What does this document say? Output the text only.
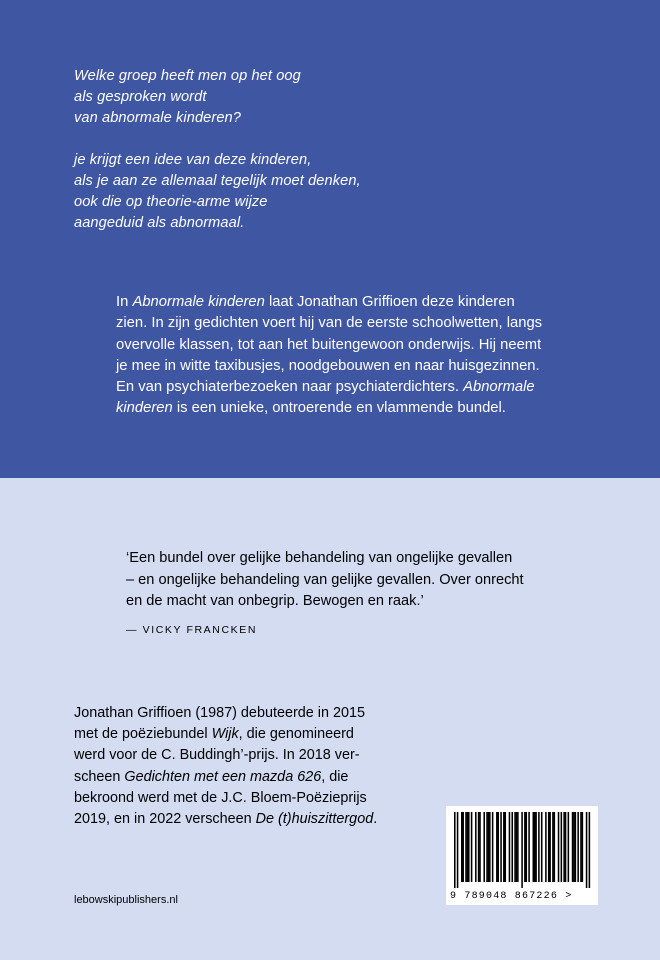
Welke groep heeft men op het oog
als gesproken wordt
van abnormale kinderen?
je krijgt een idee van deze kinderen,
als je aan ze allemaal tegelijk moet denken,
ook die op theorie-arme wijze
aangeduid als abnormaal.
In Abnormale kinderen laat Jonathan Griffioen deze kinderen
zien. In zijn gedichten voert hij van de eerste schoolwetten, langs
overvolle klassen, tot aan het buitengewoon onderwijs. Hij neemt
je mee in witte taxibusjes, noodgebouwen en naar huisgezinnen.
En van psychiaterbezoeken naar psychiaterdichters. Abnormale
kinderen is een unieke, ontroerende en vlammende bundel.
‘Een bundel over gelijke behandeling van ongelijke gevallen
– en ongelijke behandeling van gelijke gevallen. Over onrecht
en de macht van onbegrip. Bewogen en raak.’
— VICKY FRANCKEN
Jonathan Griffioen (1987) debuteerde in 2015
met de poëziebundel Wijk, die genomineerd
werd voor de C. Buddingh’-prijs. In 2018 ver-
scheen Gedichten met een mazda 626, die
bekroond werd met de J.C. Bloem-Poëzieprijs
2019, en in 2022 verscheen De (t)huiszittergod.
lebowskipublishers.nl	9 789048 867226 >
